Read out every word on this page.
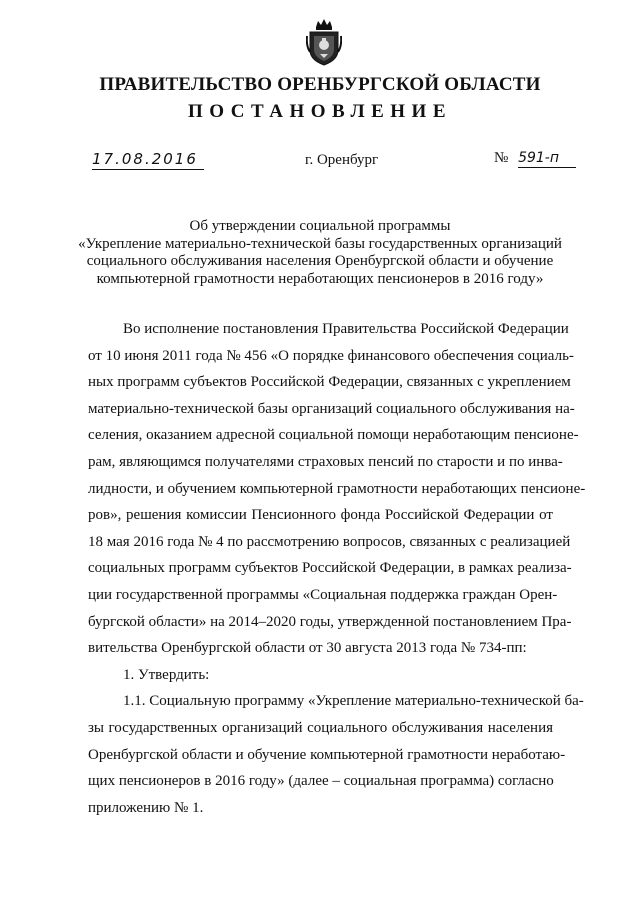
ПРАВИТЕЛЬСТВО ОРЕНБУРГСКОЙ ОБЛАСТИ
ПОСТАНОВЛЕНИЕ
17.08.2016	г. Оренбург	№ 591-п
Об утверждении социальной программы
«Укрепление материально-технической базы государственных организаций
социального обслуживания населения Оренбургской области и обучение
компьютерной грамотности неработающих пенсионеров в 2016 году»
Во исполнение постановления Правительства Российской Федерации
от 10 июня 2011 года № 456 «О порядке финансового обеспечения социаль-
ных программ субъектов Российской Федерации, связанных с укреплением
материально-технической базы организаций социального обслуживания на-
селения, оказанием адресной социальной помощи неработающим пенсионе-
рам, являющимся получателями страховых пенсий по старости и по инва-
лидности, и обучением компьютерной грамотности неработающих пенсионе-
ров», решения комиссии Пенсионного фонда Российской Федерации от
18 мая 2016 года № 4 по рассмотрению вопросов, связанных с реализацией
социальных программ субъектов Российской Федерации, в рамках реализа-
ции государственной программы «Социальная поддержка граждан Орен-
бургской области» на 2014–2020 годы, утвержденной постановлением Пра-
вительства Оренбургской области от 30 августа 2013 года № 734-пп:
1. Утвердить:
1.1. Социальную программу «Укрепление материально-технической ба-
зы государственных организаций социального обслуживания населения
Оренбургской области и обучение компьютерной грамотности неработаю-
щих пенсионеров в 2016 году» (далее – социальная программа) согласно
приложению № 1.
